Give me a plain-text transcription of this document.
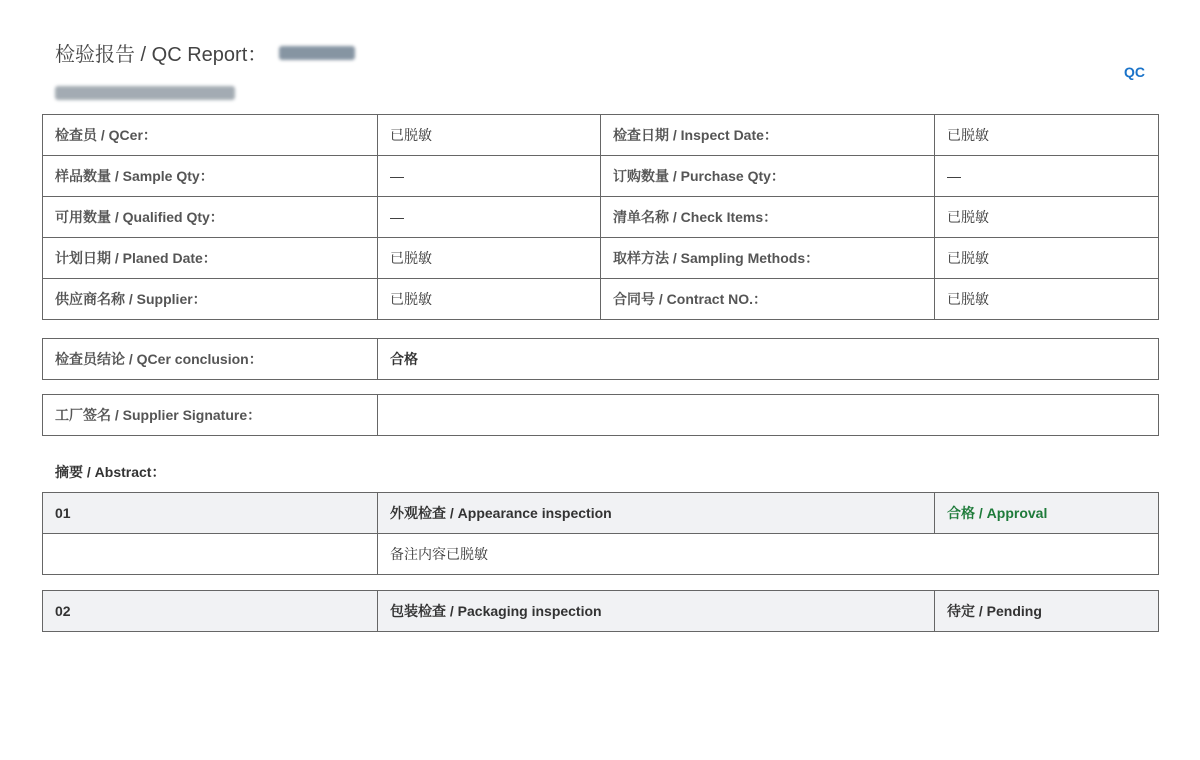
检验报告 / QC Report：
QC
检查员 / QCer：	已脱敏	检查日期 / Inspect Date：	已脱敏
样品数量 / Sample Qty：	—	订购数量 / Purchase Qty：	—
可用数量 / Qualified Qty：	—	清单名称 / Check Items：	已脱敏
计划日期 / Planed Date：	已脱敏	取样方法 / Sampling Methods：	已脱敏
供应商名称 / Supplier：	已脱敏	合同号 / Contract NO.：	已脱敏
检查员结论 / QCer conclusion：	合格
工厂签名 / Supplier Signature：	
摘要 / Abstract：
01	外观检查 / Appearance inspection	合格 / Approval
	备注内容已脱敏	
02	包装检查 / Packaging inspection	待定 / Pending
